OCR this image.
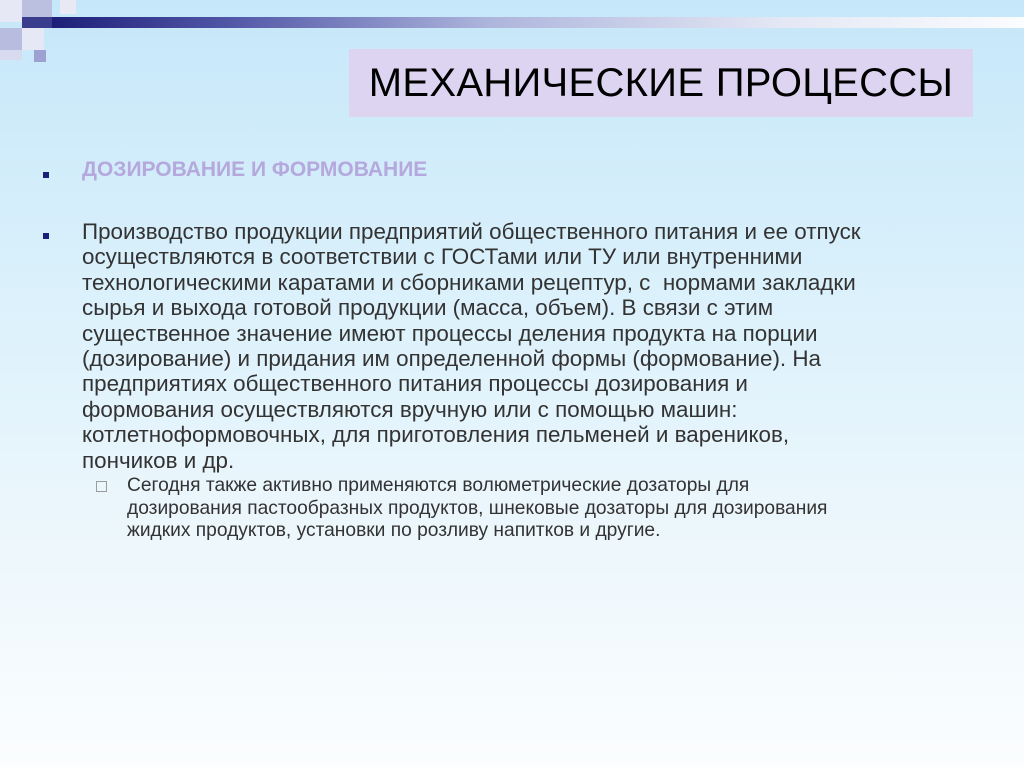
МЕХАНИЧЕСКИЕ ПРОЦЕССЫ
ДОЗИРОВАНИЕ И ФОРМОВАНИЕ

Производство продукции предприятий общественного питания и ее отпуск
осуществляются в соответствии с ГОСТами или ТУ или внутренними
технологическими каратами и сборниками рецептур, с  нормами закладки
сырья и выхода готовой продукции (масса, объем). В связи с этим
существенное значение имеют процессы деления продукта на порции
(дозирование) и придания им определенной формы (формование). На
предприятиях общественного питания процессы дозирования и
формования осуществляются вручную или с помощью машин:
котлетноформовочных, для приготовления пельменей и вареников,
пончиков и др.

Сегодня также активно применяются волюметрические дозаторы для
дозирования пастообразных продуктов, шнековые дозаторы для дозирования
жидких продуктов, установки по розливу напитков и другие.
